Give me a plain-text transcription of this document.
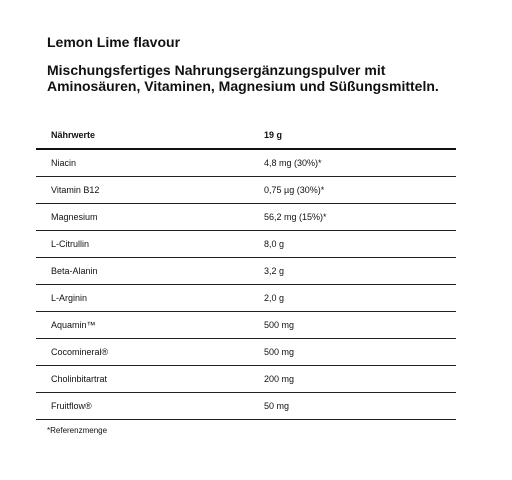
Lemon Lime flavour

Mischungsfertiges Nahrungsergänzungspulver mit Aminosäuren, Vitaminen, Magnesium und Süßungsmitteln.

Nährwerte	19 g
Niacin	4,8 mg (30%)*
Vitamin B12	0,75 µg (30%)*
Magnesium	56,2 mg (15%)*
L-Citrullin	8,0 g
Beta-Alanin	3,2 g
L-Arginin	2,0 g
Aquamin™	500 mg
Cocomineral®	500 mg
Cholinbitartrat	200 mg
Fruitflow®	50 mg

*Referenzmenge
